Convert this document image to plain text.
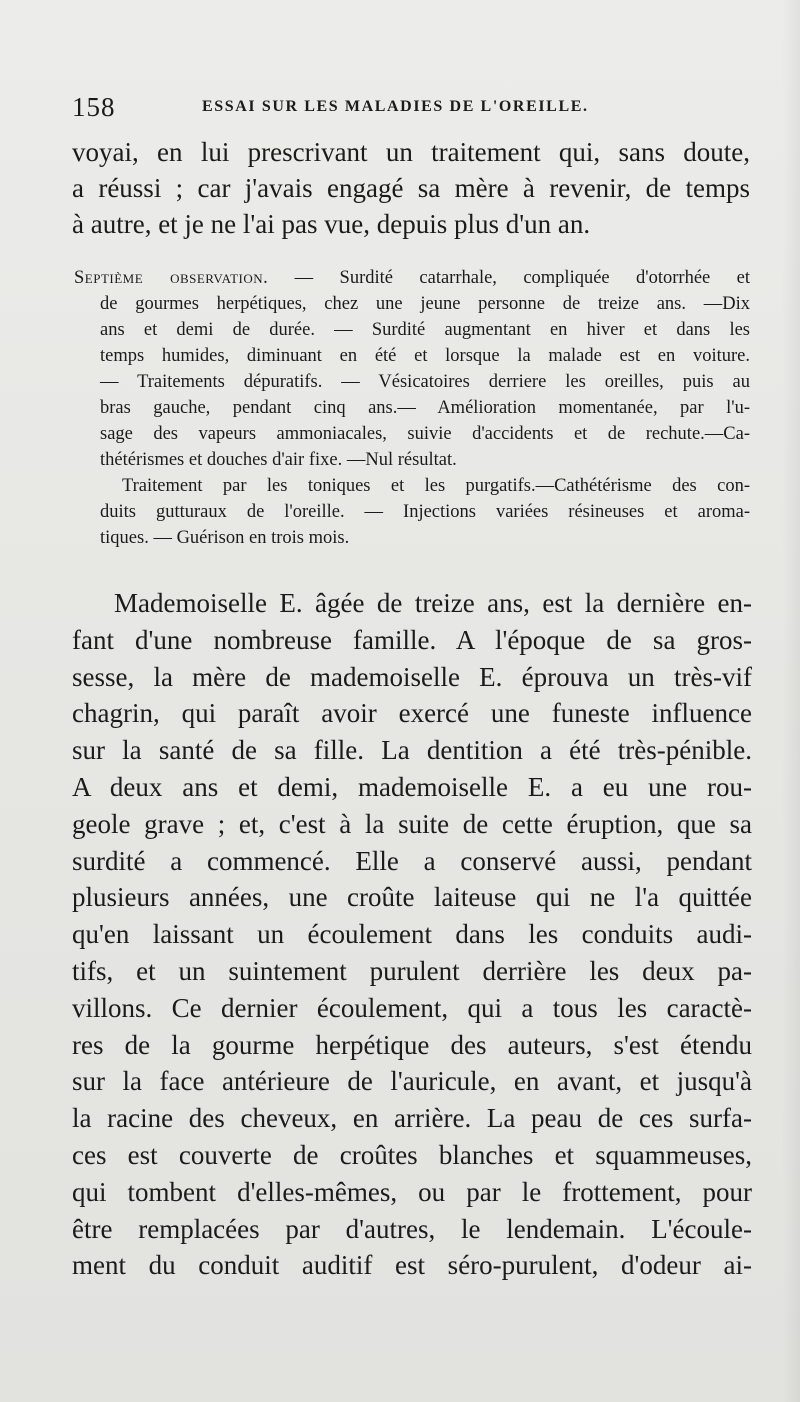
158	ESSAI SUR LES MALADIES DE L'OREILLE.
voyai, en lui prescrivant un traitement qui, sans doute,
a réussi ; car j'avais engagé sa mère à revenir, de temps
à autre, et je ne l'ai pas vue, depuis plus d'un an.
Septième observation. — Surdité catarrhale, compliquée d'otorrhée et
de gourmes herpétiques, chez une jeune personne de treize ans. —Dix
ans et demi de durée. — Surdité augmentant en hiver et dans les
temps humides, diminuant en été et lorsque la malade est en voiture.
— Traitements dépuratifs. — Vésicatoires derriere les oreilles, puis au
bras gauche, pendant cinq ans.— Amélioration momentanée, par l'u-
sage des vapeurs ammoniacales, suivie d'accidents et de rechute.—Ca-
thétérismes et douches d'air fixe. —Nul résultat.
Traitement par les toniques et les purgatifs.—Cathétérisme des con-
duits gutturaux de l'oreille. — Injections variées résineuses et aroma-
tiques. — Guérison en trois mois.
Mademoiselle E. âgée de treize ans, est la dernière en-
fant d'une nombreuse famille. A l'époque de sa gros-
sesse, la mère de mademoiselle E. éprouva un très-vif
chagrin, qui paraît avoir exercé une funeste influence
sur la santé de sa fille. La dentition a été très-pénible.
A deux ans et demi, mademoiselle E. a eu une rou-
geole grave ; et, c'est à la suite de cette éruption, que sa
surdité a commencé. Elle a conservé aussi, pendant
plusieurs années, une croûte laiteuse qui ne l'a quittée
qu'en laissant un écoulement dans les conduits audi-
tifs, et un suintement purulent derrière les deux pa-
villons. Ce dernier écoulement, qui a tous les caractè-
res de la gourme herpétique des auteurs, s'est étendu
sur la face antérieure de l'auricule, en avant, et jusqu'à
la racine des cheveux, en arrière. La peau de ces surfa-
ces est couverte de croûtes blanches et squammeuses,
qui tombent d'elles-mêmes, ou par le frottement, pour
être remplacées par d'autres, le lendemain. L'écoule-
ment du conduit auditif est séro-purulent, d'odeur ai-
